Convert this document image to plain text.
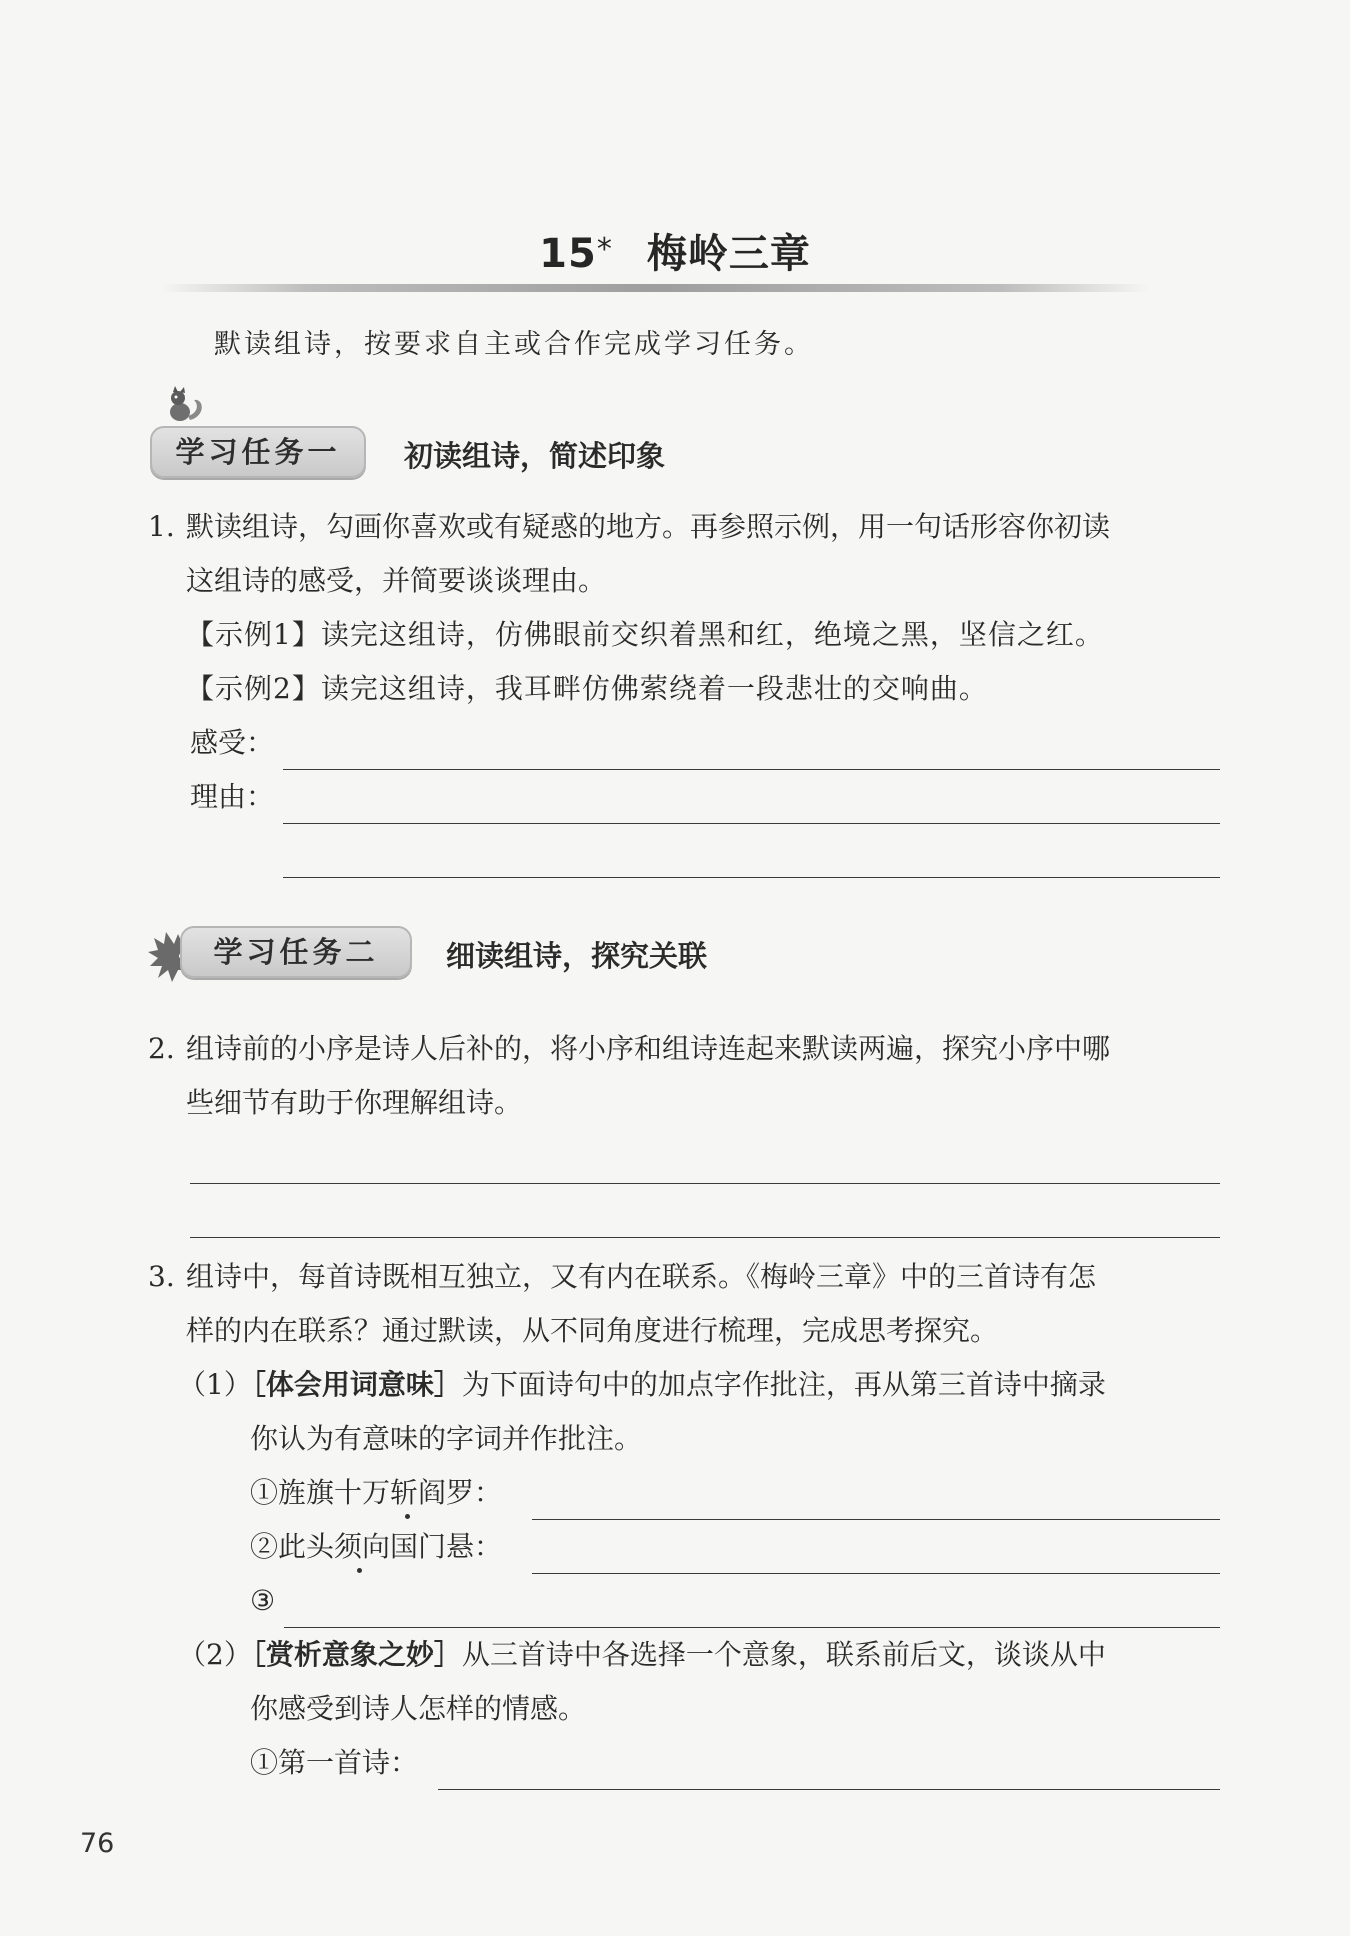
15* 梅岭三章
默读组诗，按要求自主或合作完成学习任务。
学习任务一	初读组诗，简述印象
1. 默读组诗，勾画你喜欢或有疑惑的地方。再参照示例，用一句话形容你初读
这组诗的感受，并简要谈谈理由。
【示例1】读完这组诗，仿佛眼前交织着黑和红，绝境之黑，坚信之红。
【示例2】读完这组诗，我耳畔仿佛萦绕着一段悲壮的交响曲。
感受：
理由：
学习任务二	细读组诗，探究关联
2. 组诗前的小序是诗人后补的，将小序和组诗连起来默读两遍，探究小序中哪
些细节有助于你理解组诗。
3. 组诗中，每首诗既相互独立，又有内在联系。《梅岭三章》中的三首诗有怎
样的内在联系？通过默读，从不同角度进行梳理，完成思考探究。
（1）［体会用词意味］为下面诗句中的加点字作批注，再从第三首诗中摘录
你认为有意味的字词并作批注。
①旌旗十万斩阎罗：
②此头须向国门悬：
③
（2）［赏析意象之妙］从三首诗中各选择一个意象，联系前后文，谈谈从中
你感受到诗人怎样的情感。
①第一首诗：
76
